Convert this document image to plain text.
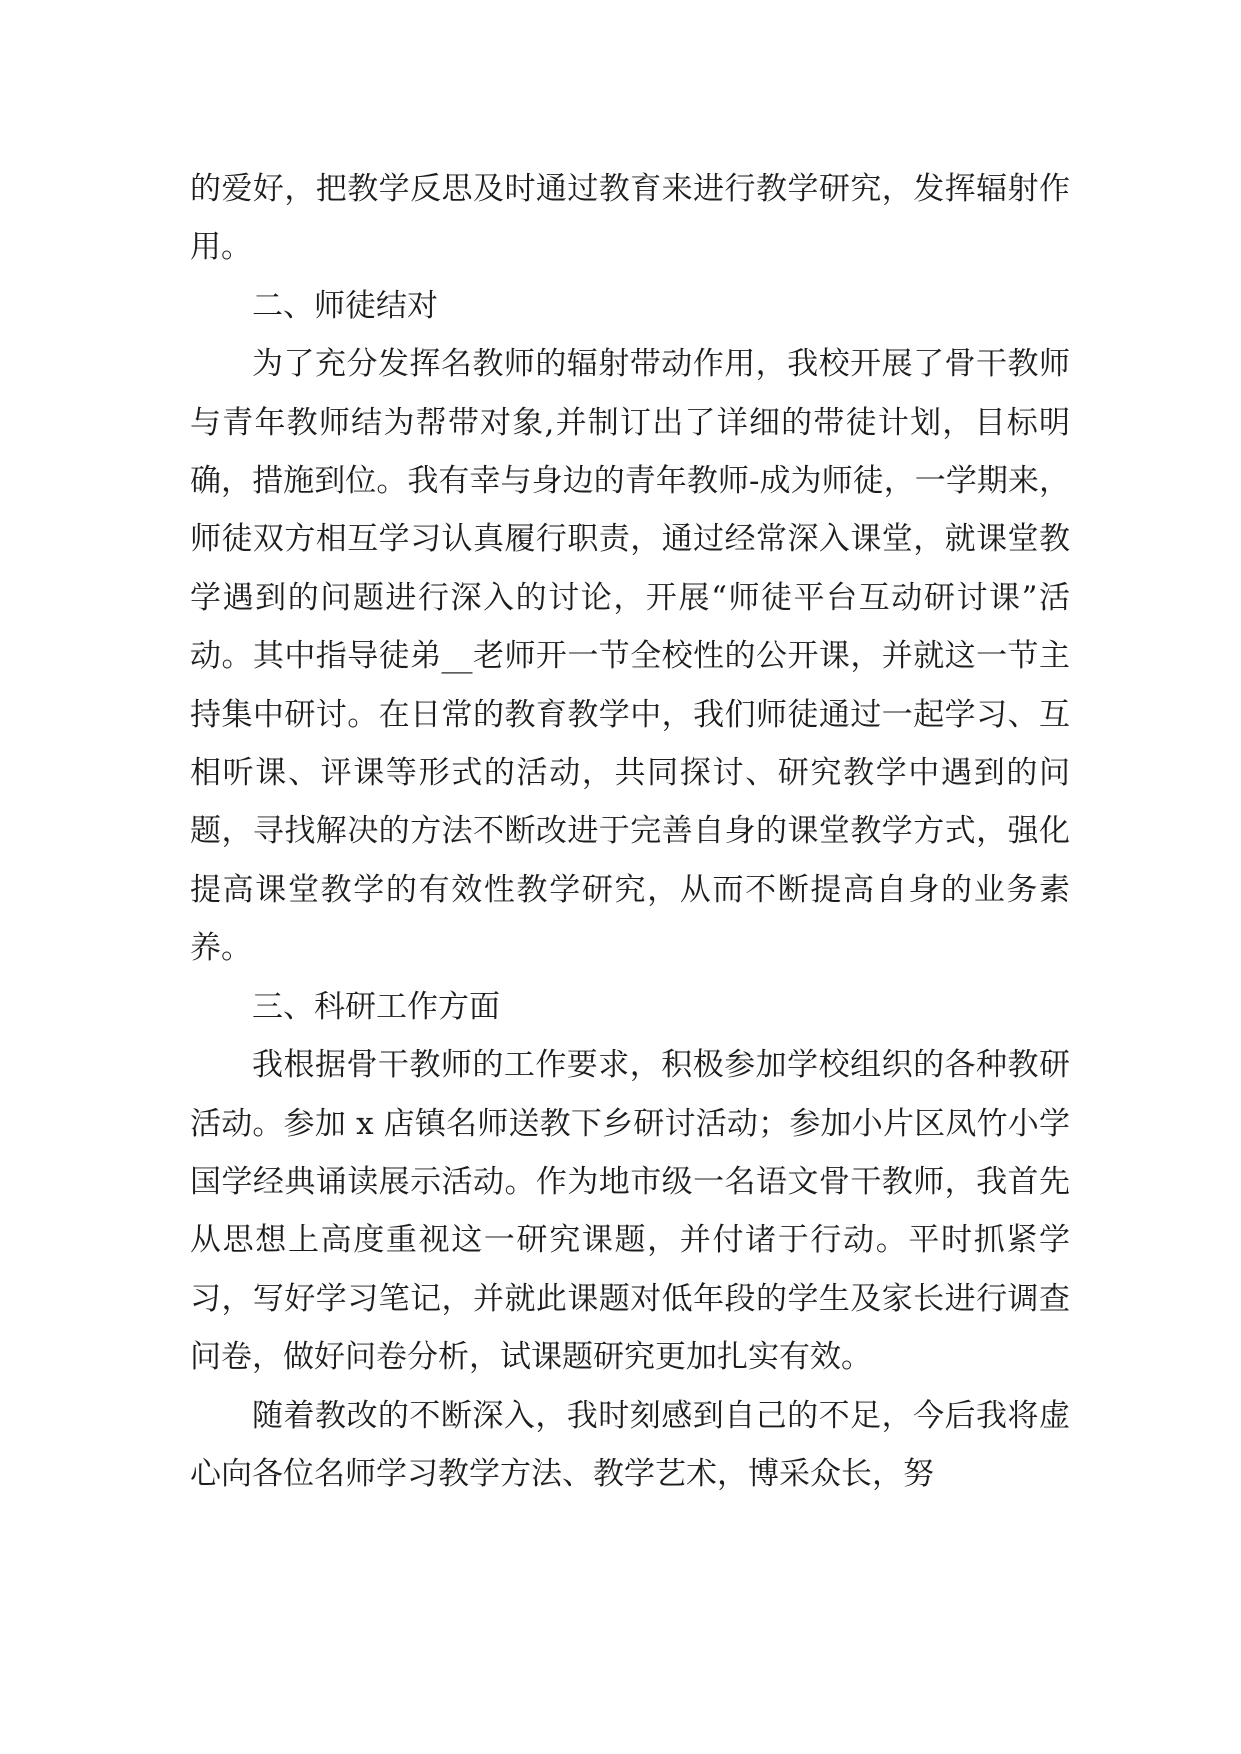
的爱好，把教学反思及时通过教育来进行教学研究，发挥辐射作用。

二、师徒结对

为了充分发挥名教师的辐射带动作用，我校开展了骨干教师与青年教师结为帮带对象,并制订出了详细的带徒计划，目标明确，措施到位。我有幸与身边的青年教师-成为师徒，一学期来，师徒双方相互学习认真履行职责，通过经常深入课堂，就课堂教学遇到的问题进行深入的讨论，开展“师徒平台互动研讨课”活动。其中指导徒弟__老师开一节全校性的公开课，并就这一节主持集中研讨。在日常的教育教学中，我们师徒通过一起学习、互相听课、评课等形式的活动，共同探讨、研究教学中遇到的问题，寻找解决的方法不断改进于完善自身的课堂教学方式，强化提高课堂教学的有效性教学研究，从而不断提高自身的业务素养。

三、科研工作方面

我根据骨干教师的工作要求，积极参加学校组织的各种教研活动。参加 x 店镇名师送教下乡研讨活动；参加小片区凤竹小学国学经典诵读展示活动。作为地市级一名语文骨干教师，我首先从思想上高度重视这一研究课题，并付诸于行动。平时抓紧学习，写好学习笔记，并就此课题对低年段的学生及家长进行调查问卷，做好问卷分析，试课题研究更加扎实有效。

随着教改的不断深入，我时刻感到自己的不足，今后我将虚心向各位名师学习教学方法、教学艺术，博采众长，努
